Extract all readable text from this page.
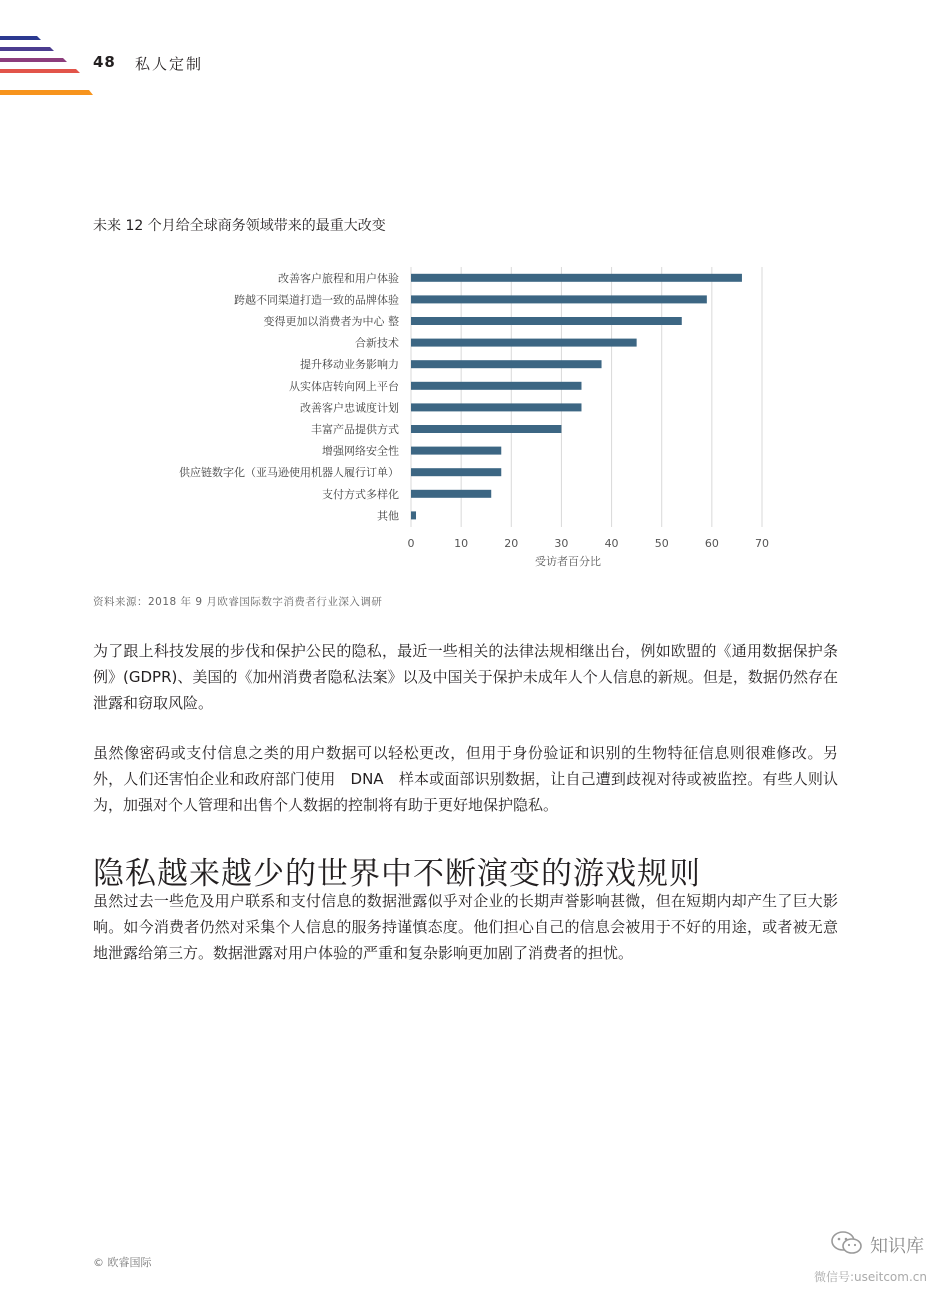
48 私人定制
未来 12 个月给全球商务领域带来的最重大改变
改善客户旅程和用户体验
跨越不同渠道打造一致的品牌体验
变得更加以消费者为中心 整
合新技术
提升移动业务影响力
从实体店转向网上平台
改善客户忠诚度计划
丰富产品提供方式
增强网络安全性
供应链数字化（亚马逊使用机器人履行订单）
支付方式多样化
其他
0	10	20	30	40	50	60	70
受访者百分比
资料来源：2018 年 9 月欧睿国际数字消费者行业深入调研

为了跟上科技发展的步伐和保护公民的隐私，最近一些相关的法律法规相继出台，例如欧盟的《通用数据保护条例》(GDPR)、美国的《加州消费者隐私法案》以及中国关于保护未成年人个人信息的新规。但是，数据仍然存在泄露和窃取风险。

虽然像密码或支付信息之类的用户数据可以轻松更改，但用于身份验证和识别的生物特征信息则很难修改。另外，人们还害怕企业和政府部门使用　DNA　样本或面部识别数据，让自己遭到歧视对待或被监控。有些人则认为，加强对个人管理和出售个人数据的控制将有助于更好地保护隐私。

隐私越来越少的世界中不断演变的游戏规则

虽然过去一些危及用户联系和支付信息的数据泄露似乎对企业的长期声誉影响甚微，但在短期内却产生了巨大影响。如今消费者仍然对采集个人信息的服务持谨慎态度。他们担心自己的信息会被用于不好的用途，或者被无意地泄露给第三方。数据泄露对用户体验的严重和复杂影响更加剧了消费者的担忧。

© 欧睿国际
知识库
微信号:useitcom.cn
